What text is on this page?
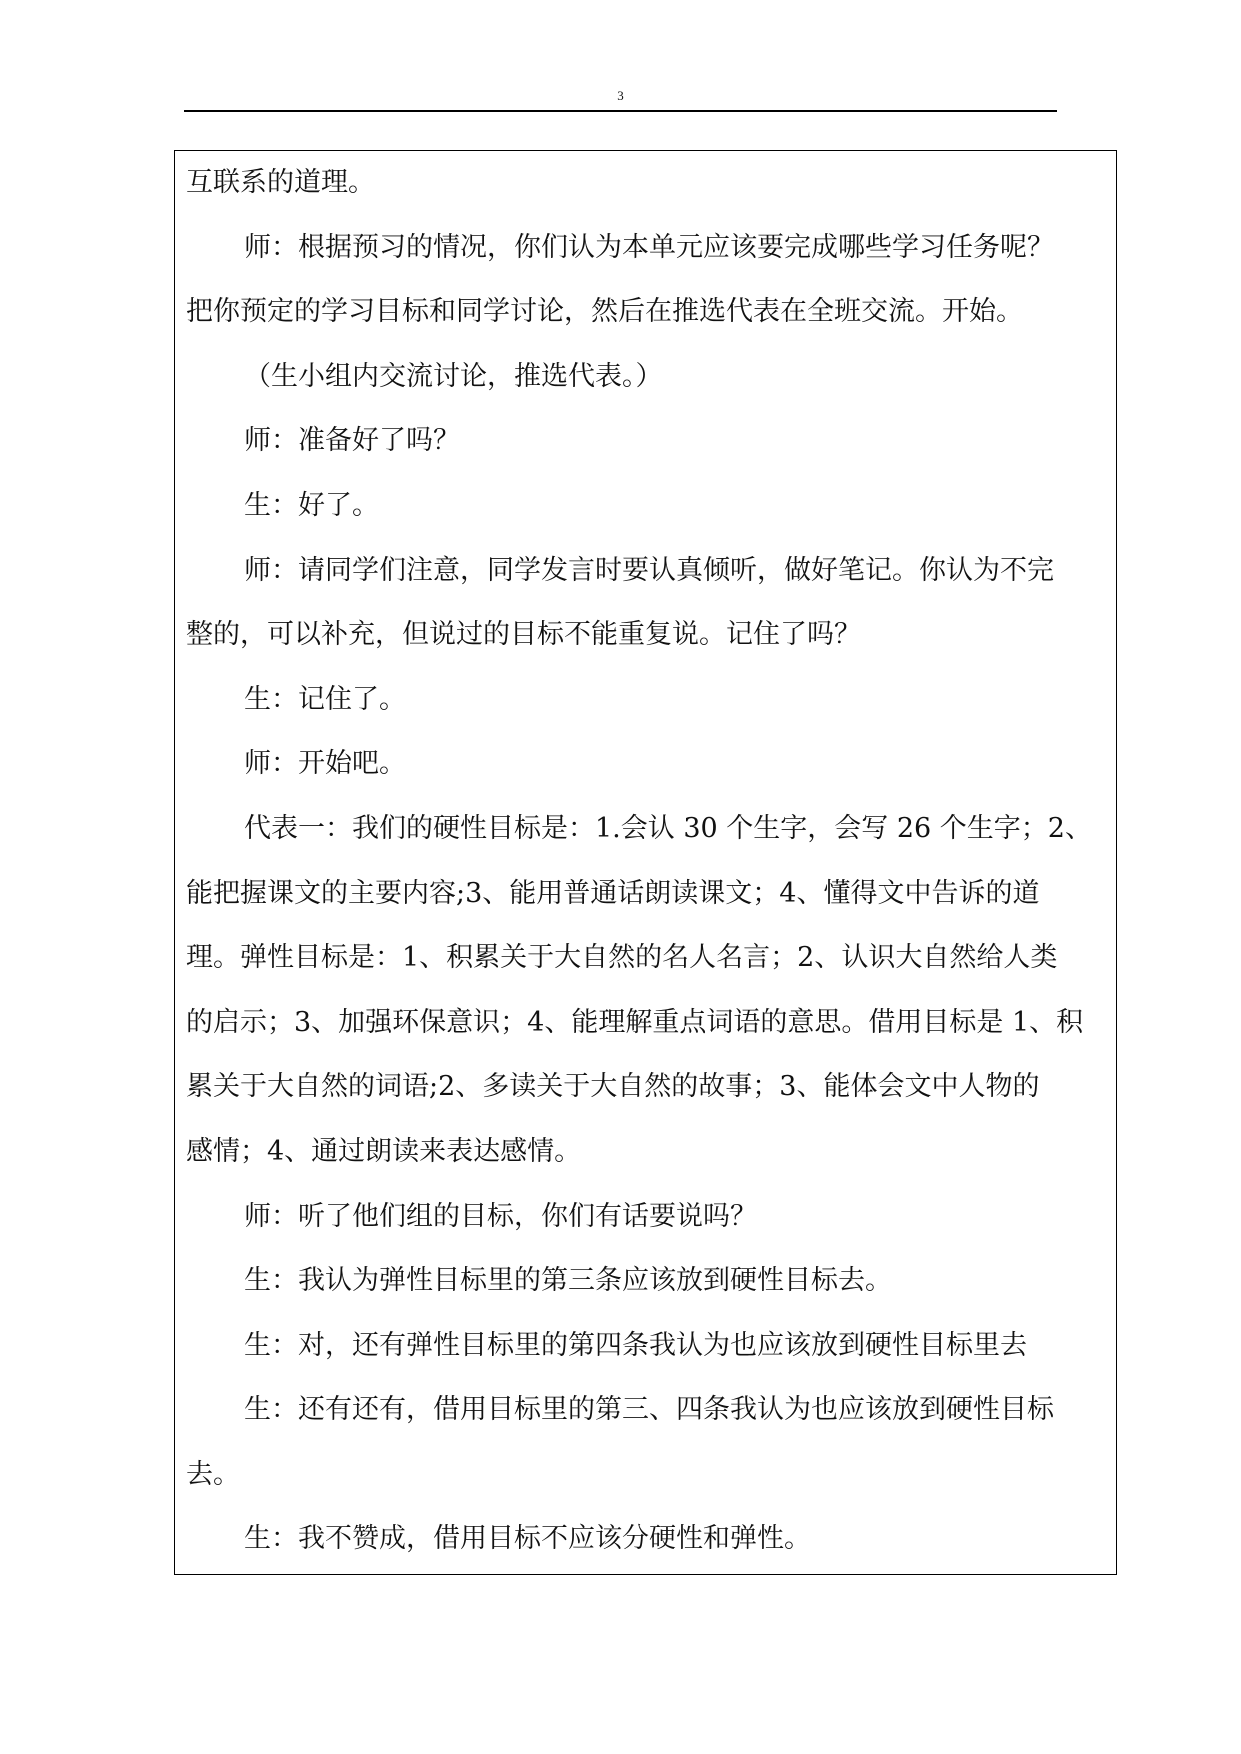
3
互联系的道理。
师：根据预习的情况，你们认为本单元应该要完成哪些学习任务呢？
把你预定的学习目标和同学讨论，然后在推选代表在全班交流。开始。
（生小组内交流讨论，推选代表。）
师：准备好了吗？
生：好了。
师：请同学们注意，同学发言时要认真倾听，做好笔记。你认为不完
整的，可以补充，但说过的目标不能重复说。记住了吗？
生：记住了。
师：开始吧。
代表一：我们的硬性目标是：1.会认 30 个生字，会写 26 个生字；2、
能把握课文的主要内容;3、能用普通话朗读课文；4、懂得文中告诉的道
理。弹性目标是：1、积累关于大自然的名人名言；2、认识大自然给人类
的启示；3、加强环保意识；4、能理解重点词语的意思。借用目标是 1、积
累关于大自然的词语;2、多读关于大自然的故事；3、能体会文中人物的
感情；4、通过朗读来表达感情。
师：听了他们组的目标，你们有话要说吗？
生：我认为弹性目标里的第三条应该放到硬性目标去。
生：对，还有弹性目标里的第四条我认为也应该放到硬性目标里去
生：还有还有，借用目标里的第三、四条我认为也应该放到硬性目标
去。
生：我不赞成，借用目标不应该分硬性和弹性。
